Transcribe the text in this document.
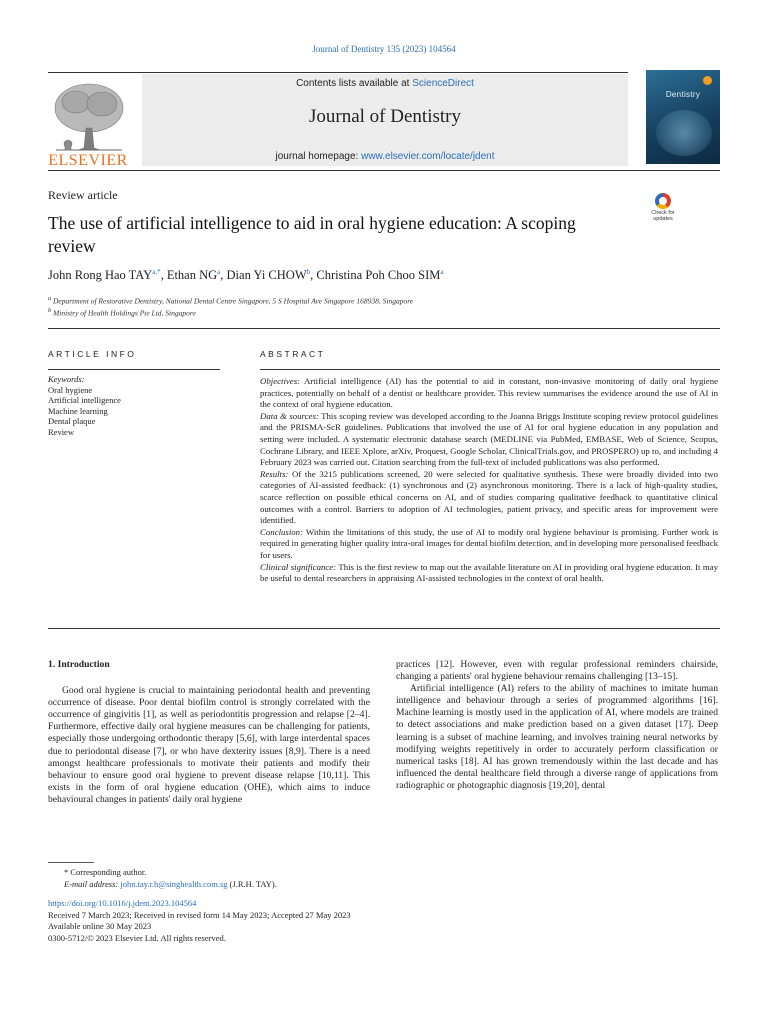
Journal of Dentistry 135 (2023) 104564
ELSEVIER
Contents lists available at ScienceDirect
Journal of Dentistry
journal homepage: www.elsevier.com/locate/jdent
Dentistry
Review article
The use of artificial intelligence to aid in oral hygiene education: A scoping review
Check for updates
John Rong Hao $TAY^{a,*}$, Ethan $NG^a$, Dian Yi CHOW$^b$, Christina Poh Choo SIM$^a$
$^a$ Department of Restorative Dentistry, National Dental Centre Singapore, 5 S Hospital Ave Singapore 168938, Singapore
$^b$ Ministry of Health Holdings Pte Ltd, Singapore
ARTICLE INFO	ABSTRACT
Keywords:
Oral hygiene
Artificial intelligence
Machine learning
Dental plaque
Review

Objectives: Artificial intelligence (AI) has the potential to aid in constant, non-invasive monitoring of daily oral hygiene practices, potentially on behalf of a dentist or healthcare provider. This review summarises the evidence around the use of AI in the context of oral hygiene education.

Data & sources: This scoping review was developed according to the Joanna Briggs Institute scoping review protocol guidelines and the PRISMA-ScR guidelines. Publications that involved the use of AI for oral hygiene education in any population and setting were included. A systematic electronic database search (MEDLINE via PubMed, EMBASE, Web of Science, Scopus, Cochrane Library, and IEEE Xplore, arXiv, Proquest, Google Scholar, ClinicalTrials.gov, and PROSPERO) up to, and including 4 February 2023 was carried out. Citation searching from the full-text of included publications was also performed.

Results: Of the 3215 publications screened, 20 were selected for qualitative synthesis. These were broadly divided into two categories of AI-assisted feedback: (1) synchronous and (2) asynchronous monitoring. There is a lack of high-quality studies, scarce reflection on possible ethical concerns on AI, and of studies comparing qualitative feedback to quantitative clinical outcomes with a control. Barriers to adoption of AI technologies, patient privacy, and specific areas for improvement were identified.

Conclusion: Within the limitations of this study, the use of AI to modify oral hygiene behaviour is promising. Further work is required in generating higher quality intra-oral images for dental biofilm detection, and in developing more personalised feedback for users.

Clinical significance: This is the first review to map out the available literature on AI in providing oral hygiene education. It may be useful to dental researchers in appraising AI-assisted technologies in the context of oral health.

1. Introduction

Good oral hygiene is crucial to maintaining periodontal health and preventing occurrence of disease. Poor dental biofilm control is strongly correlated with the occurrence of gingivitis [1], as well as periodontitis progression and relapse [2–4]. Furthermore, effective daily oral hygiene measures can be challenging for patients, especially those undergoing orthodontic therapy [5,6], with large interdental spaces due to periodontal disease [7], or who have dexterity issues [8,9]. There is a need amongst healthcare professionals to motivate their patients and modify their behaviour to ensure good oral hygiene to prevent disease relapse [10,11]. This exists in the form of oral hygiene education (OHE), which aims to induce behavioural changes in patients' daily oral hygiene

practices [12]. However, even with regular professional reminders chairside, changing a patients' oral hygiene behaviour remains challenging [13–15].

Artificial intelligence (AI) refers to the ability of machines to imitate human intelligence and behaviour through a series of programmed algorithms [16]. Machine learning is mostly used in the application of AI, where models are trained to detect associations and make prediction based on a given dataset [17]. Deep learning is a subset of machine learning, and involves training neural networks by modifying weights repetitively in order to accurately perform classification or numerical tasks [18]. AI has grown tremendously within the last decade and has influenced the dental healthcare field through a diverse range of applications from radiographic or photographic diagnosis [19,20], dental

* Corresponding author.
E-mail address: john.tay.r.h@singhealth.com.sg (J.R.H. TAY).
https://doi.org/10.1016/j.jdent.2023.104564
Received 7 March 2023; Received in revised form 14 May 2023; Accepted 27 May 2023
Available online 30 May 2023
0300-5712/© 2023 Elsevier Ltd. All rights reserved.
